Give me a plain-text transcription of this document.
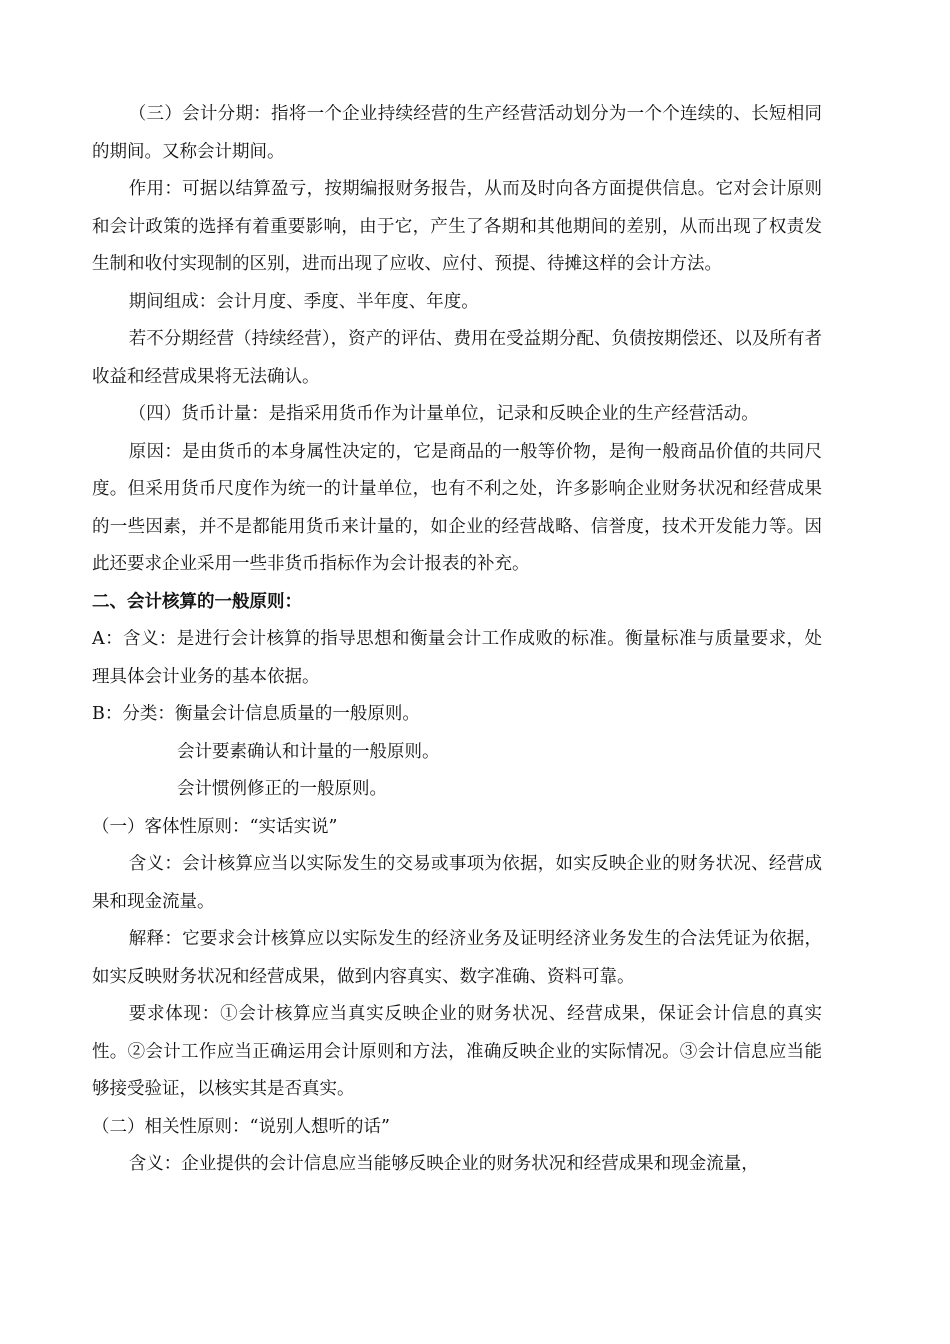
（三）会计分期：指将一个企业持续经营的生产经营活动划分为一个个连续的、长短相同的期间。又称会计期间。

作用：可据以结算盈亏，按期编报财务报告，从而及时向各方面提供信息。它对会计原则和会计政策的选择有着重要影响，由于它，产生了各期和其他期间的差别，从而出现了权责发生制和收付实现制的区别，进而出现了应收、应付、预提、待摊这样的会计方法。

期间组成：会计月度、季度、半年度、年度。

若不分期经营（持续经营），资产的评估、费用在受益期分配、负债按期偿还、以及所有者收益和经营成果将无法确认。

（四）货币计量：是指采用货币作为计量单位，记录和反映企业的生产经营活动。

原因：是由货币的本身属性决定的，它是商品的一般等价物，是徇一般商品价值的共同尺度。但采用货币尺度作为统一的计量单位，也有不利之处，许多影响企业财务状况和经营成果的一些因素，并不是都能用货币来计量的，如企业的经营战略、信誉度，技术开发能力等。因此还要求企业采用一些非货币指标作为会计报表的补充。

二、会计核算的一般原则：

A：含义：是进行会计核算的指导思想和衡量会计工作成败的标准。衡量标准与质量要求，处理具体会计业务的基本依据。

B：分类：衡量会计信息质量的一般原则。

会计要素确认和计量的一般原则。

会计惯例修正的一般原则。

（一）客体性原则：“实话实说”

含义：会计核算应当以实际发生的交易或事项为依据，如实反映企业的财务状况、经营成果和现金流量。

解释：它要求会计核算应以实际发生的经济业务及证明经济业务发生的合法凭证为依据，如实反映财务状况和经营成果，做到内容真实、数字准确、资料可靠。

要求体现：①会计核算应当真实反映企业的财务状况、经营成果，保证会计信息的真实性。②会计工作应当正确运用会计原则和方法，准确反映企业的实际情况。③会计信息应当能够接受验证，以核实其是否真实。

（二）相关性原则：“说别人想听的话”

含义：企业提供的会计信息应当能够反映企业的财务状况和经营成果和现金流量，
